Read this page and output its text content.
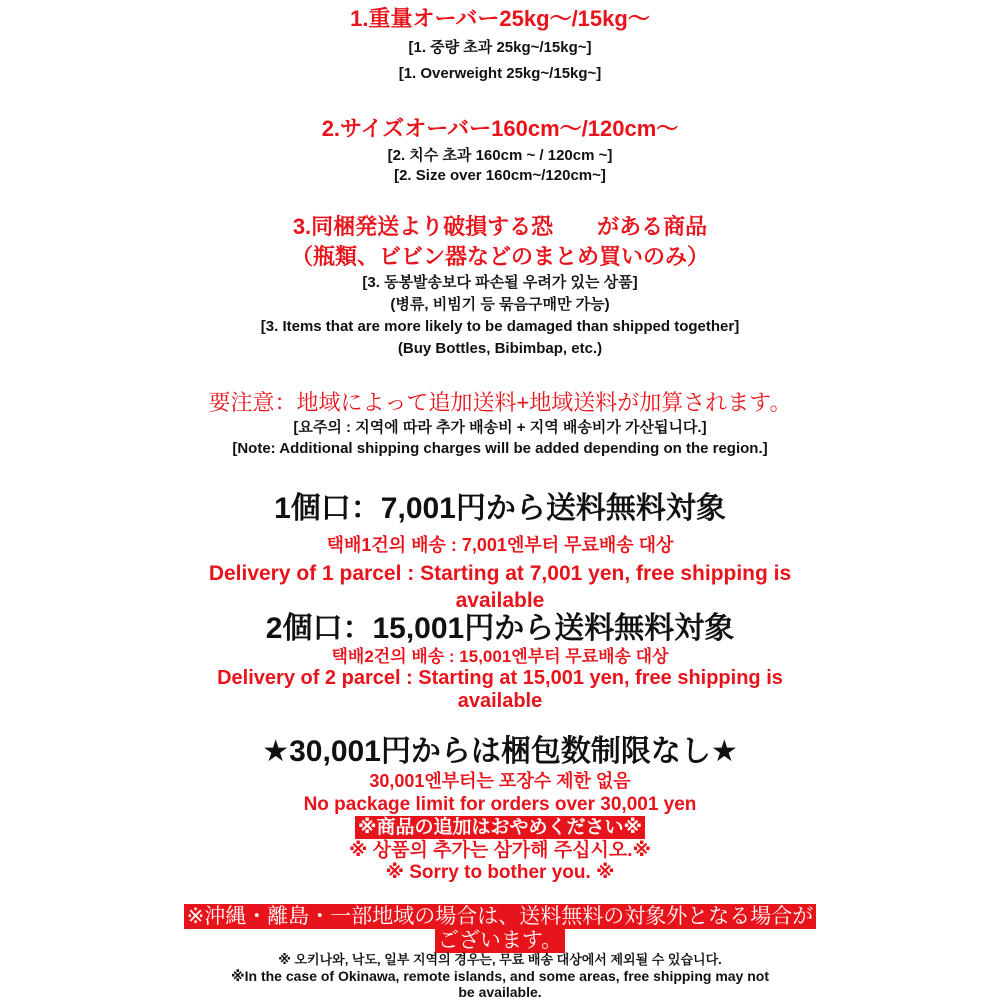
1.重量オーバー25kg～/15kg～
[1. 중량 초과 25kg~/15kg~]
[1. Overweight 25kg~/15kg~]
2.サイズオーバー160cm～/120cm～
[2. 치수 초과 160cm ~ / 120cm ~]
[2. Size over 160cm~/120cm~]
3.同梱発送より破損する恐　　がある商品
（瓶類、ビビン器などのまとめ買いのみ）
[3. 동봉발송보다 파손될 우려가 있는 상품]
(병류, 비빔기 등 묶음구매만 가능)
[3. Items that are more likely to be damaged than shipped together]
(Buy Bottles, Bibimbap, etc.)
要注意：地域によって追加送料+地域送料が加算されます。
[요주의 : 지역에 따라 추가 배송비 + 지역 배송비가 가산됩니다.]
[Note: Additional shipping charges will be added depending on the region.]
1個口：7,001円から送料無料対象
택배1건의 배송 : 7,001엔부터 무료배송 대상
Delivery of 1 parcel : Starting at 7,001 yen, free shipping is
available
2個口：15,001円から送料無料対象
택배2건의 배송 : 15,001엔부터 무료배송 대상
Delivery of 2 parcel : Starting at 15,001 yen, free shipping is
available
★30,001円からは梱包数制限なし★
30,001엔부터는 포장수 제한 없음
No package limit for orders over 30,001 yen
※商品の追加はおやめください※
※ 상품의 추가는 삼가해 주십시오.※
※ Sorry to bother you. ※
※沖縄・離島・一部地域の場合は、送料無料の対象外となる場合が
ございます。
※ 오키나와, 낙도, 일부 지역의 경우는, 무료 배송 대상에서 제외될 수 있습니다.
※In the case of Okinawa, remote islands, and some areas, free shipping may not
be available.
